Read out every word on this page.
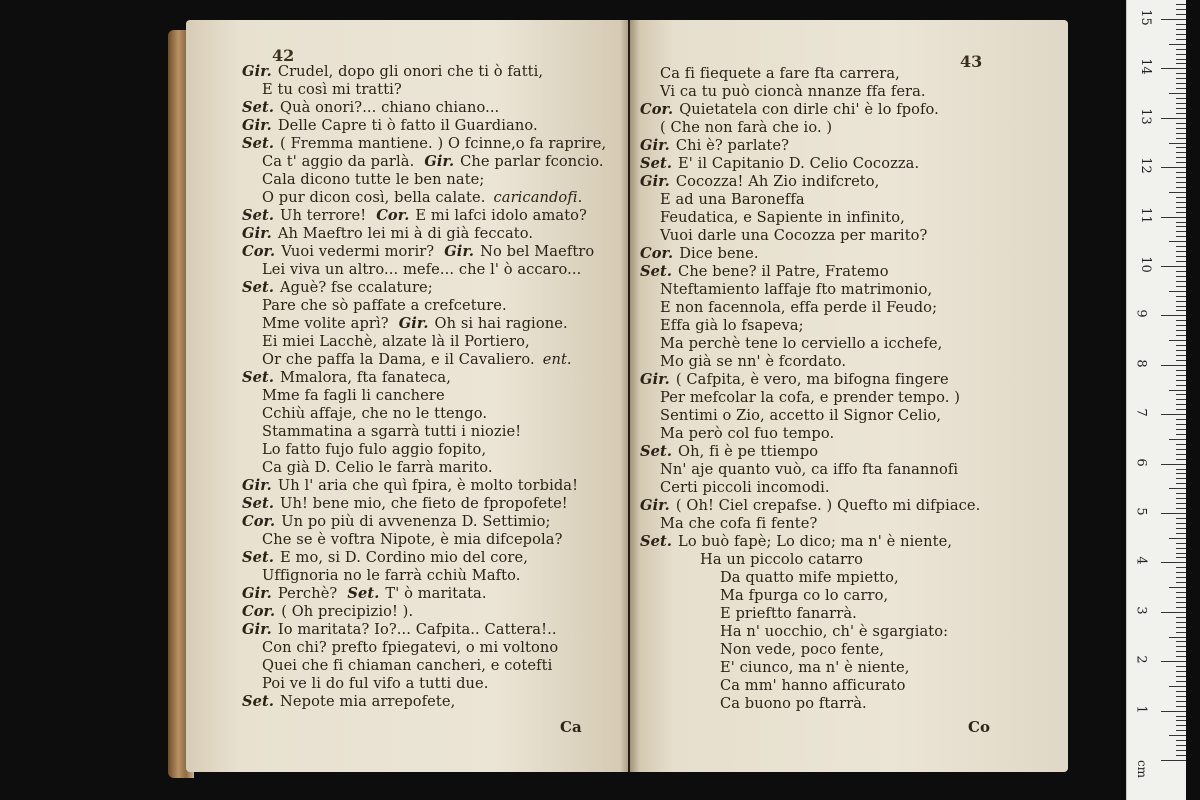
42
Gir. Crudel, dopo gli onori che ti ò fatti,
E tu così mi tratti?
Set. Quà onori?... chiano chiano...
Gir. Delle Capre ti ò fatto il Guardiano.
Set. ( Fremma mantiene. ) O fcinne,o fa raprire,
Ca t' aggio da parlà. Gir. Che parlar fconcio.
Cala dicono tutte le ben nate;
O pur dicon così, bella calate. caricandofi.
Set. Uh terrore! Cor. E mi lafci idolo amato?
Gir. Ah Maeftro lei mi à di già feccato.
Cor. Vuoi vedermi morir? Gir. No bel Maeftro
Lei viva un altro... mefe... che l' ò accaro...
Set. Aguè? fse ccalature;
Pare che sò paffate a crefceture.
Mme volite aprì? Gir. Oh si hai ragione.
Ei miei Lacchè, alzate là il Portiero,
Or che paffa la Dama, e il Cavaliero. ent.
Set. Mmalora, fta fanateca,
Mme fa fagli li canchere
Cchiù affaje, che no le ttengo.
Stammatina a sgarrà tutti i niozie!
Lo fatto fujo fulo aggio fopito,
Ca già D. Celio le farrà marito.
Gir. Uh l' aria che quì fpira, è molto torbida!
Set. Uh! bene mio, che fieto de fpropofete!
Cor. Un po più di avvenenza D. Settimio;
Che se è voftra Nipote, è mia difcepola?
Set. E mo, si D. Cordino mio del core,
Uffignoria no le farrà cchiù Mafto.
Gir. Perchè? Set. T' ò maritata.
Cor. ( Oh precipizio! ).
Gir. Io maritata? Io?... Cafpita.. Cattera!..
Con chi? prefto fpiegatevi, o mi voltono
Quei che fi chiaman cancheri, e cotefti
Poi ve li do ful vifo a tutti due.
Set. Nepote mia arrepofete,
Ca
43
Ca fi fiequete a fare fta carrera,
Vi ca tu può cioncà nnanze ffa fera.
Cor. Quietatela con dirle chi' è lo fpofo.
( Che non farà che io. )
Gir. Chi è? parlate?
Set. E' il Capitanio D. Celio Cocozza.
Gir. Cocozza! Ah Zio indifcreto,
E ad una Baroneffa
Feudatica, e Sapiente in infinito,
Vuoi darle una Cocozza per marito?
Cor. Dice bene.
Set. Che bene? il Patre, Fratemo
Nteftamiento laffaje fto matrimonio,
E non facennola, effa perde il Feudo;
Effa già lo fsapeva;
Ma perchè tene lo cerviello a icchefe,
Mo già se nn' è fcordato.
Gir. ( Cafpita, è vero, ma bifogna fingere
Per mefcolar la cofa, e prender tempo. )
Sentimi o Zio, accetto il Signor Celio,
Ma però col fuo tempo.
Set. Oh, fi è pe ttiempo
Nn' aje quanto vuò, ca iffo fta fanannofi
Certi piccoli incomodi.
Gir. ( Oh! Ciel crepafse. ) Quefto mi difpiace.
Ma che cofa fi fente?
Set. Lo buò fapè; Lo dico; ma n' è niente,
Ha un piccolo catarro
Da quatto mife mpietto,
Ma fpurga co lo carro,
E prieftto fanarrà.
Ha n' uocchio, ch' è sgargiato:
Non vede, poco fente,
E' ciunco, ma n' è niente,
Ca mm' hanno afficurato
Ca buono po ftarrà.
Co
1
2
3
4
5
6
7
8
9
10
11
12
13
14
15
cm
